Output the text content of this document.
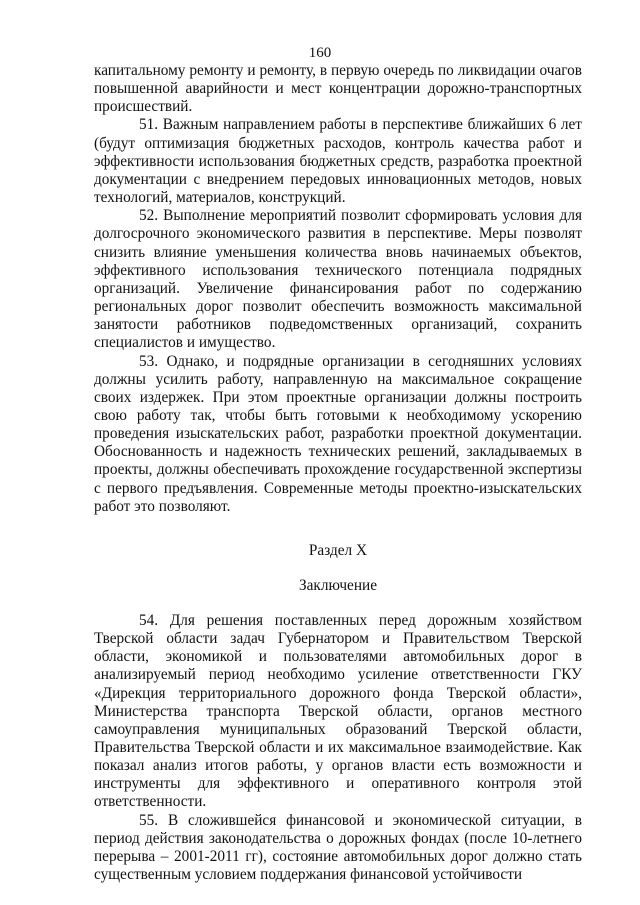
160

капитальному ремонту и ремонту, в первую очередь по ликвидации очагов повышенной аварийности и мест концентрации дорожно-транспортных происшествий.

51. Важным направлением работы в перспективе ближайших 6 лет (будут оптимизация бюджетных расходов, контроль качества работ и эффективности использования бюджетных средств, разработка проектной документации с внедрением передовых инновационных методов, новых технологий, материалов, конструкций.

52. Выполнение мероприятий позволит сформировать условия для долгосрочного экономического развития в перспективе. Меры позволят снизить влияние уменьшения количества вновь начинаемых объектов, эффективного использования технического потенциала подрядных организаций. Увеличение финансирования работ по содержанию региональных дорог позволит обеспечить возможность максимальной занятости работников подведомственных организаций, сохранить специалистов и имущество.

53. Однако, и подрядные организации в сегодняшних условиях должны усилить работу, направленную на максимальное сокращение своих издержек. При этом проектные организации должны построить свою работу так, чтобы быть готовыми к необходимому ускорению проведения изыскательских работ, разработки проектной документации. Обоснованность и надежность технических решений, закладываемых в проекты, должны обеспечивать прохождение государственной экспертизы с первого предъявления. Современные методы проектно-изыскательских работ это позволяют.

Раздел X
Заключение

54. Для решения поставленных перед дорожным хозяйством Тверской области задач Губернатором и Правительством Тверской области, экономикой и пользователями автомобильных дорог в анализируемый период необходимо усиление ответственности ГКУ «Дирекция территориального дорожного фонда Тверской области», Министерства транспорта Тверской области, органов местного самоуправления муниципальных образований Тверской области, Правительства Тверской области и их максимальное взаимодействие. Как показал анализ итогов работы, у органов власти есть возможности и инструменты для эффективного и оперативного контроля этой ответственности.

55. В сложившейся финансовой и экономической ситуации, в период действия законодательства о дорожных фондах (после 10-летнего перерыва – 2001-2011 гг), состояние автомобильных дорог должно стать существенным условием поддержания финансовой устойчивости
